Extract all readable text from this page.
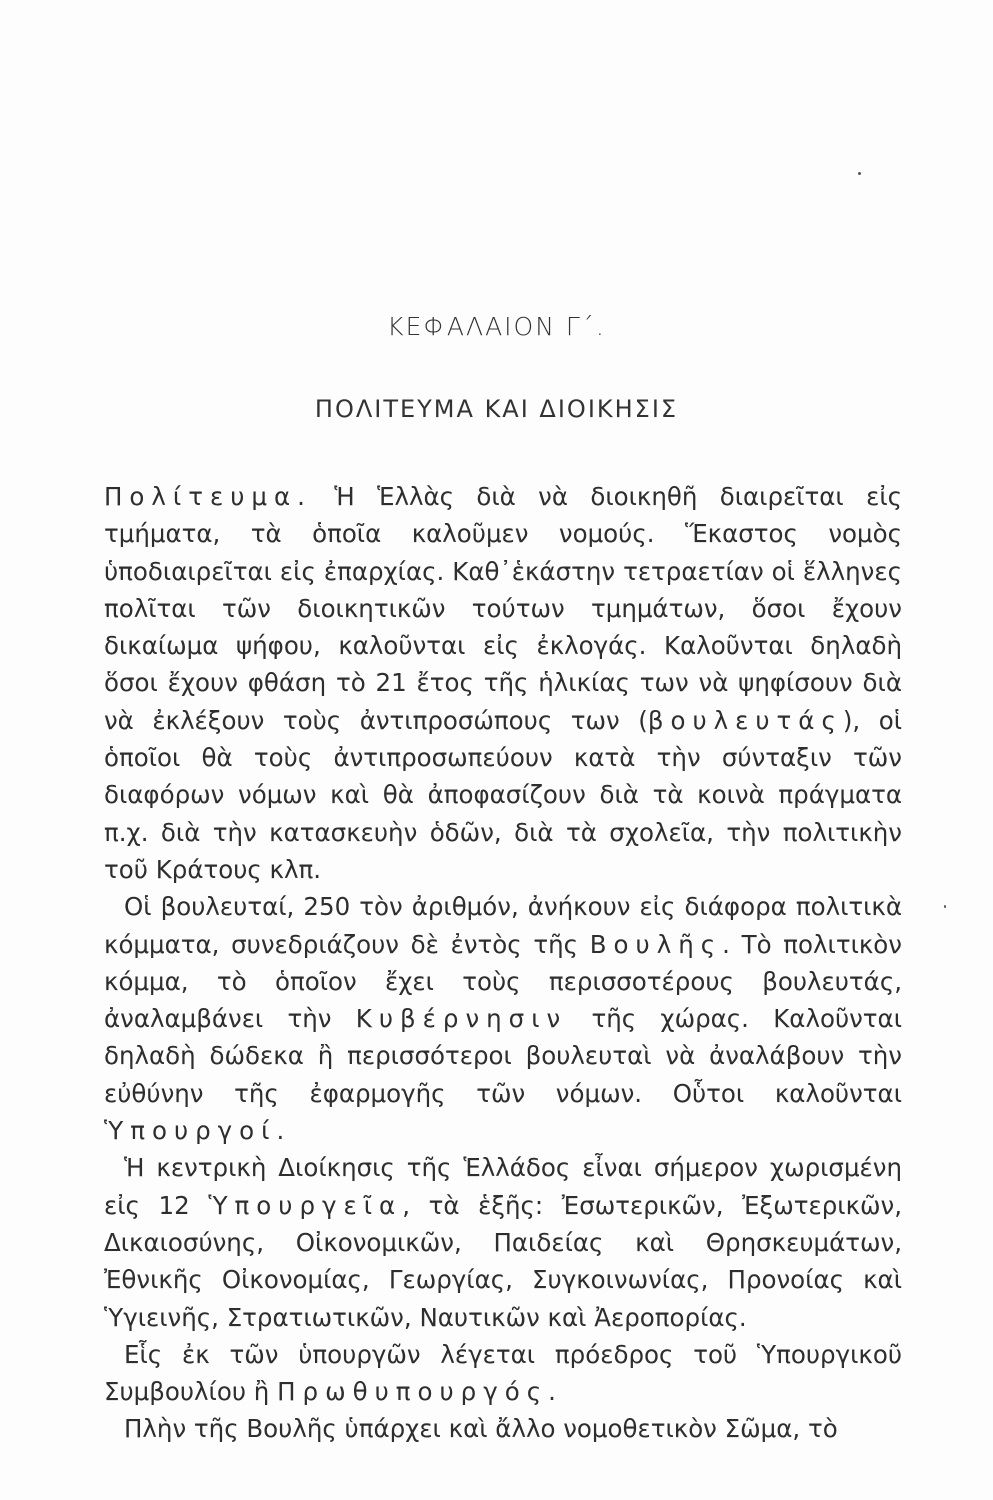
ΚΕΦΑΛΑΙΟΝ Γ΄.
ΠΟΛΙΤΕΥΜΑ ΚΑΙ ΔΙΟΙΚΗΣΙΣ

Πολίτευμα. Ἡ Ἑλλὰς διὰ νὰ διοικηθῆ διαιρεῖται εἰς τμήματα, τὰ ὁποῖα καλοῦμεν νομούς. Ἕκαστος νομὸς ὑποδιαιρεῖται εἰς ἐπαρχίας. Καθ᾽ἑκάστην τετραετίαν οἱ ἕλληνες πολῖται τῶν διοικητικῶν τούτων τμημάτων, ὅσοι ἔχουν δικαίωμα ψήφου, καλοῦνται εἰς ἐκλογάς. Καλοῦνται δηλαδὴ ὅσοι ἔχουν φθάση τὸ 21 ἔτος τῆς ἡλικίας των νὰ ψηφίσουν διὰ νὰ ἐκλέξουν τοὺς ἀντιπροσώπους των (βουλευτάς), οἱ ὁποῖοι θὰ τοὺς ἀντιπροσωπεύουν κατὰ τὴν σύνταξιν τῶν διαφόρων νόμων καὶ θὰ ἀποφασίζουν διὰ τὰ κοινὰ πράγματα π.χ. διὰ τὴν κατασκευὴν ὁδῶν, διὰ τὰ σχολεῖα, τὴν πολιτικὴν τοῦ Κράτους κλπ.

Οἱ βουλευταί, 250 τὸν ἀριθμόν, ἀνήκουν εἰς διάφορα πολιτικὰ κόμματα, συνεδριάζουν δὲ ἐντὸς τῆς Βουλῆς. Τὸ πολιτικὸν κόμμα, τὸ ὁποῖον ἔχει τοὺς περισσοτέρους βουλευτάς, ἀναλαμβάνει τὴν Κυβέρνησιν τῆς χώρας. Καλοῦνται δηλαδὴ δώδεκα ἢ περισσότεροι βουλευταὶ νὰ ἀναλάβουν τὴν εὐθύνην τῆς ἐφαρμογῆς τῶν νόμων. Οὗτοι καλοῦνται Ὑπουργοί.

Ἡ κεντρικὴ Διοίκησις τῆς Ἑλλάδος εἶναι σήμερον χωρισμένη εἰς 12 Ὑπουργεῖα, τὰ ἑξῆς: Ἐσωτερικῶν, Ἐξωτερικῶν, Δικαιοσύνης, Οἰκονομικῶν, Παιδείας καὶ Θρησκευμάτων, Ἐθνικῆς Οἰκονομίας, Γεωργίας, Συγκοινωνίας, Προνοίας καὶ Ὑγιεινῆς, Στρατιωτικῶν, Ναυτικῶν καὶ Ἀεροπορίας.

Εἷς ἐκ τῶν ὑπουργῶν λέγεται πρόεδρος τοῦ Ὑπουργικοῦ Συμβουλίου ἢ Πρωθυπουργός.

Πλὴν τῆς Βουλῆς ὑπάρχει καὶ ἄλλο νομοθετικὸν Σῶμα, τὸ
